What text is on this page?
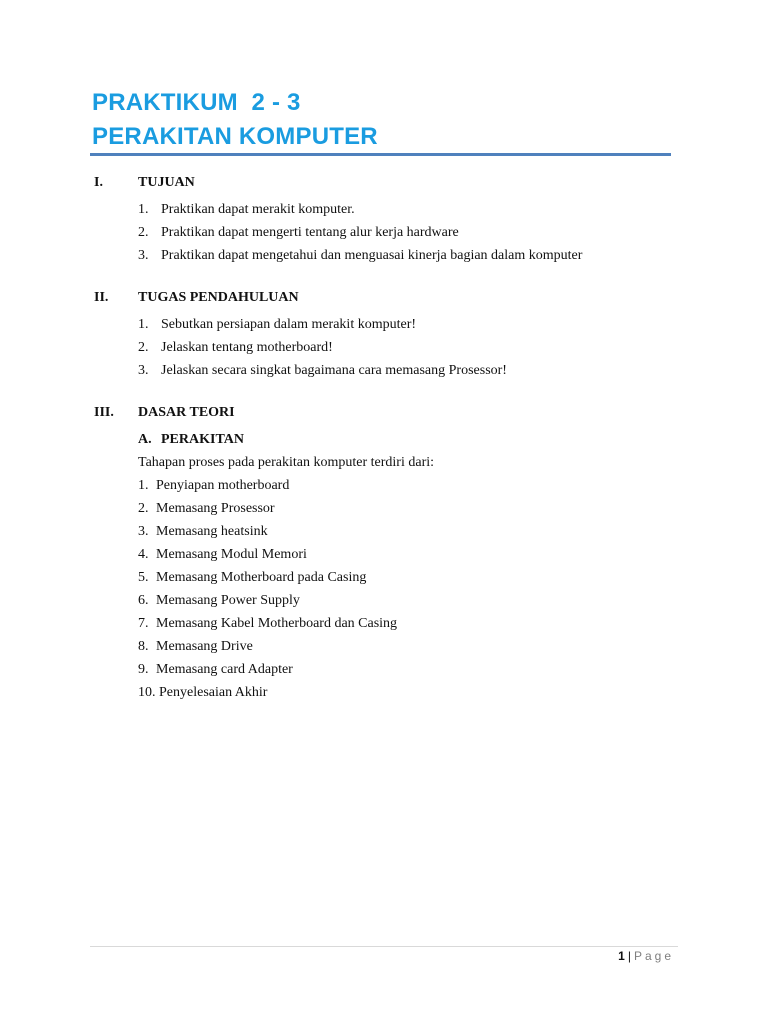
PRAKTIKUM  2 - 3
PERAKITAN KOMPUTER
I.	TUJUAN
1. Praktikan dapat merakit komputer.
2. Praktikan dapat mengerti tentang alur kerja hardware
3. Praktikan dapat mengetahui dan menguasai kinerja bagian dalam komputer
II. TUGAS PENDAHULUAN
1. Sebutkan persiapan dalam merakit komputer!
2. Jelaskan tentang motherboard!
3. Jelaskan secara singkat bagaimana cara memasang Prosessor!
III. DASAR TEORI
A. PERAKITAN
Tahapan proses pada perakitan komputer terdiri dari:
1. Penyiapan motherboard
2. Memasang Prosessor
3. Memasang heatsink
4. Memasang Modul Memori
5. Memasang Motherboard pada Casing
6. Memasang Power Supply
7. Memasang Kabel Motherboard dan Casing
8. Memasang Drive
9. Memasang card Adapter
10. Penyelesaian Akhir
1 | Page
